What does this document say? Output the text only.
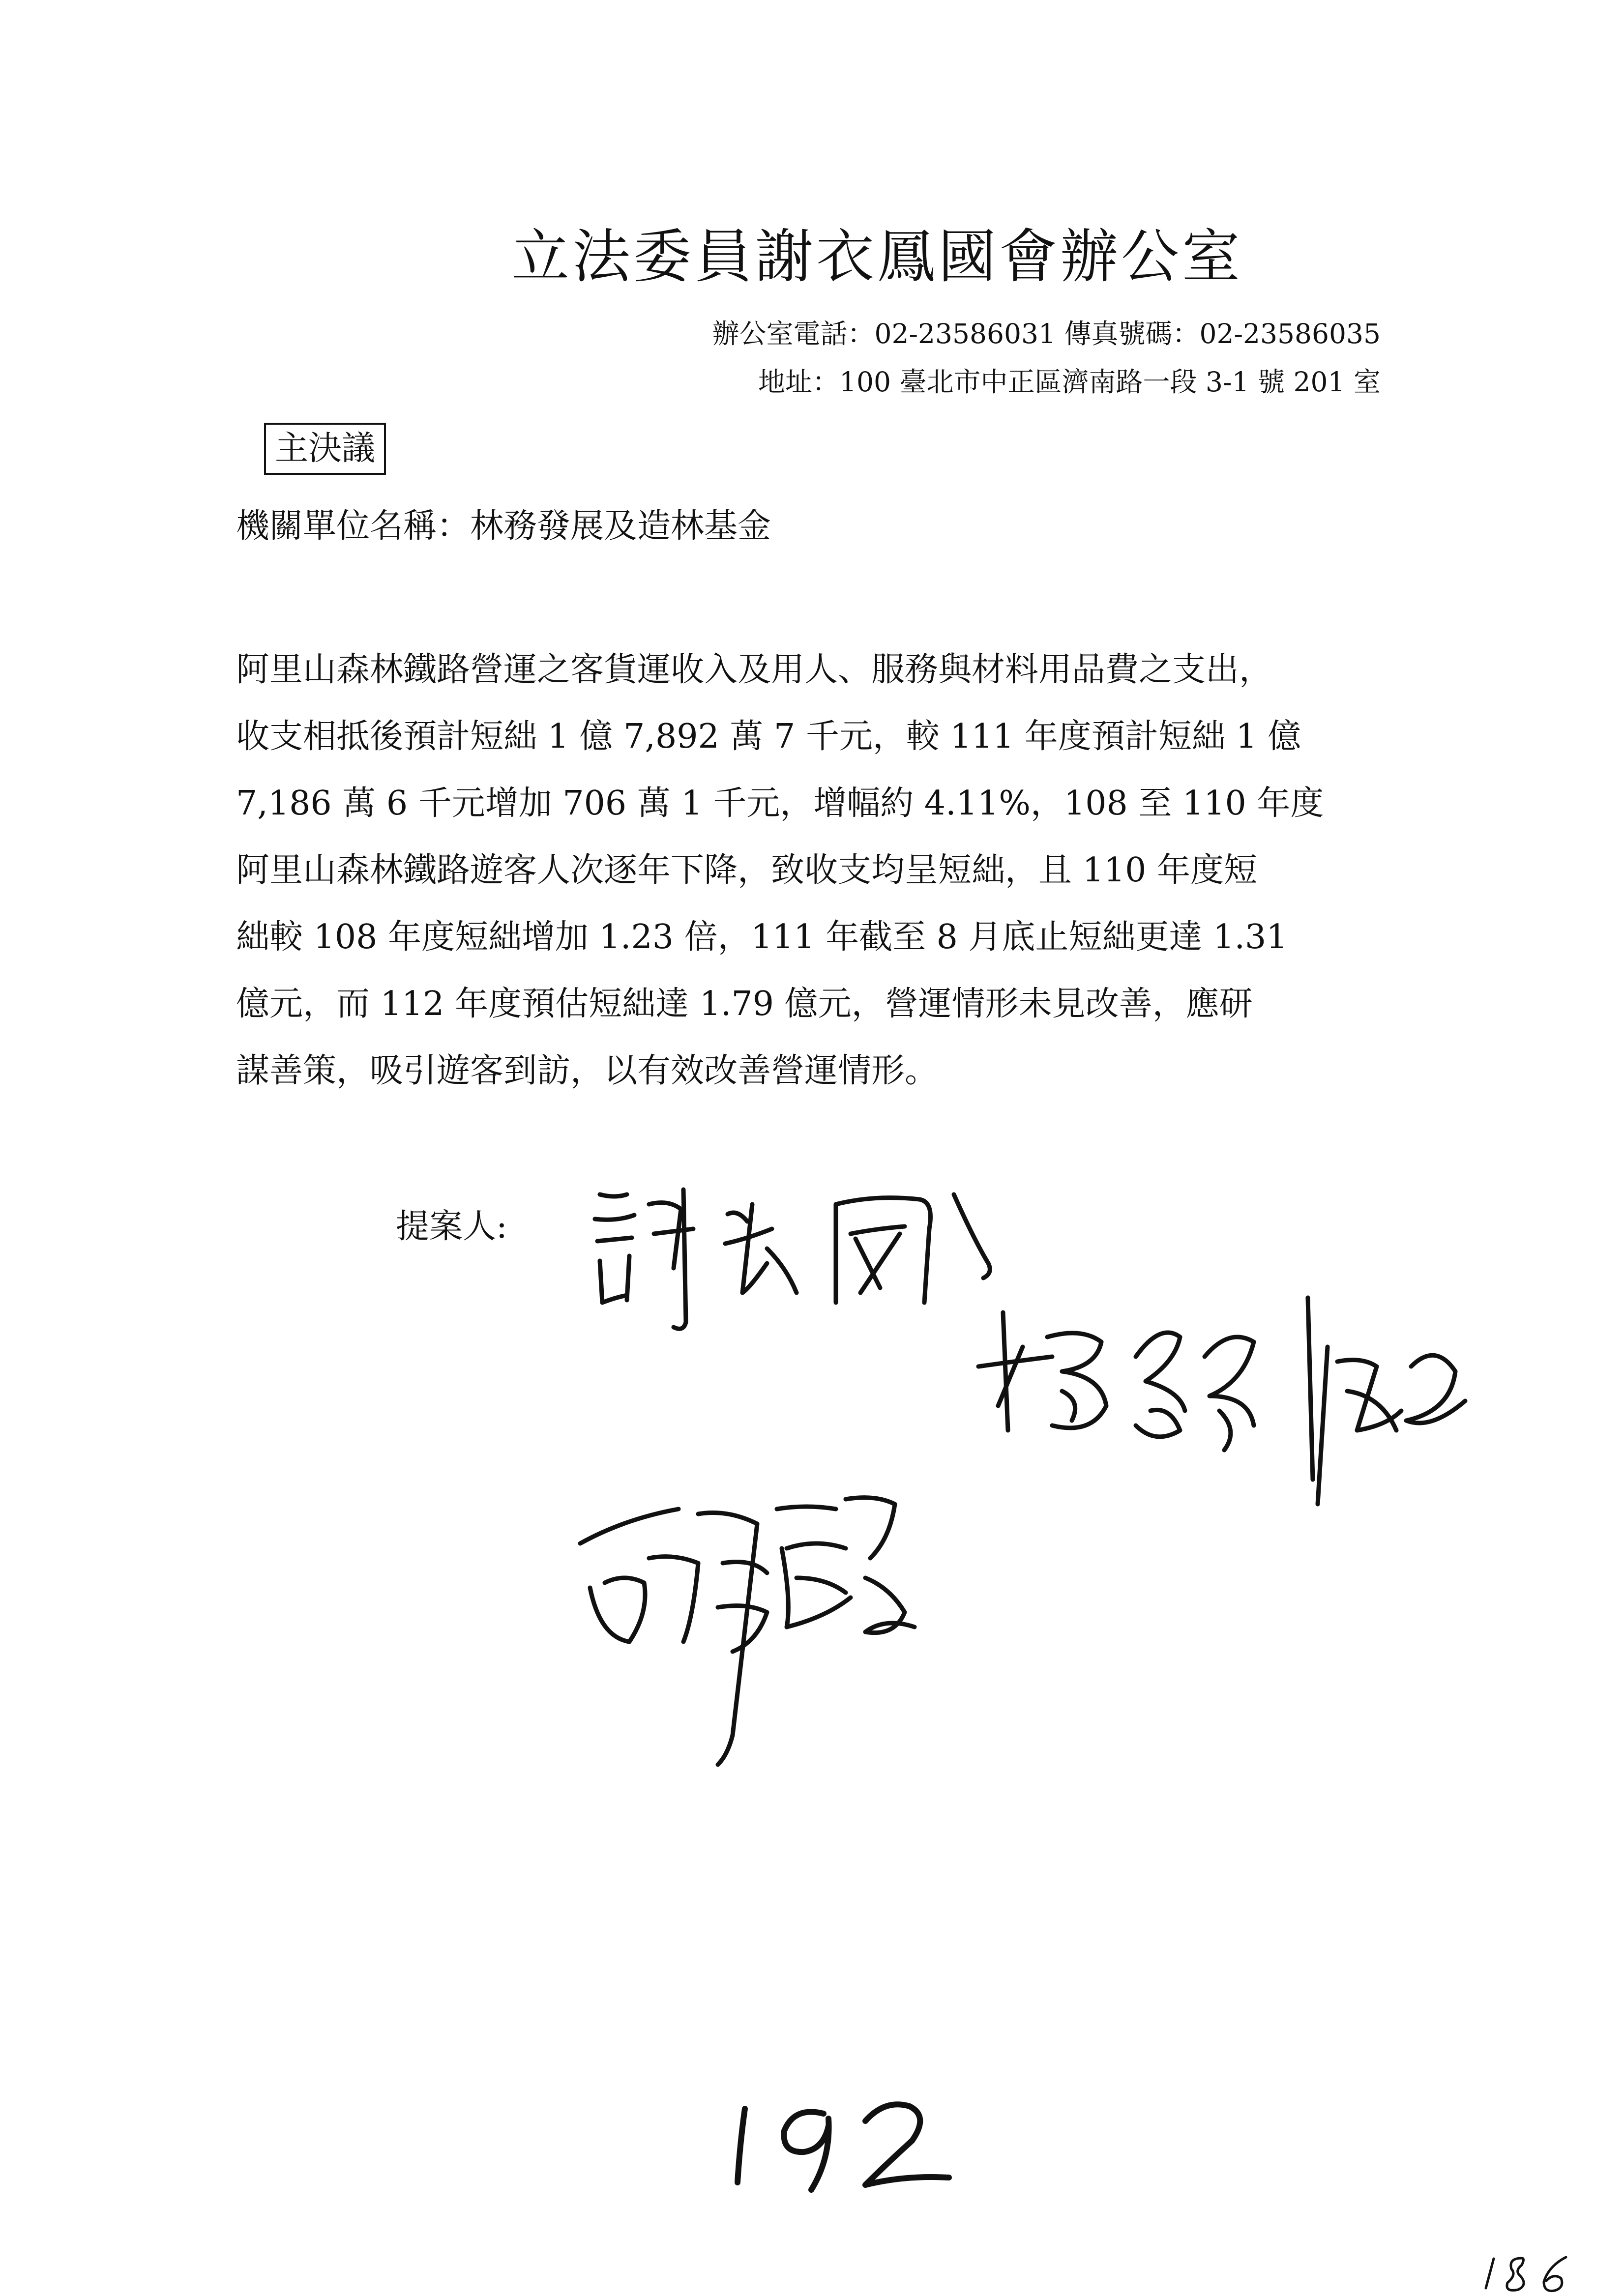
立法委員謝衣鳳國會辦公室
辦公室電話：02-23586031 傳真號碼：02-23586035
地址：100 臺北市中正區濟南路一段 3-1 號 201 室
主決議
機關單位名稱：林務發展及造林基金
阿里山森林鐵路營運之客貨運收入及用人、服務與材料用品費之支出，
收支相抵後預計短絀 1 億 7,892 萬 7 千元，較 111 年度預計短絀 1 億
7,186 萬 6 千元增加 706 萬 1 千元，增幅約 4.11%，108 至 110 年度
阿里山森林鐵路遊客人次逐年下降，致收支均呈短絀，且 110 年度短
絀較 108 年度短絀增加 1.23 倍，111 年截至 8 月底止短絀更達 1.31
億元，而 112 年度預估短絀達 1.79 億元，營運情形未見改善，應研
謀善策，吸引遊客到訪，以有效改善營運情形。
提案人:
